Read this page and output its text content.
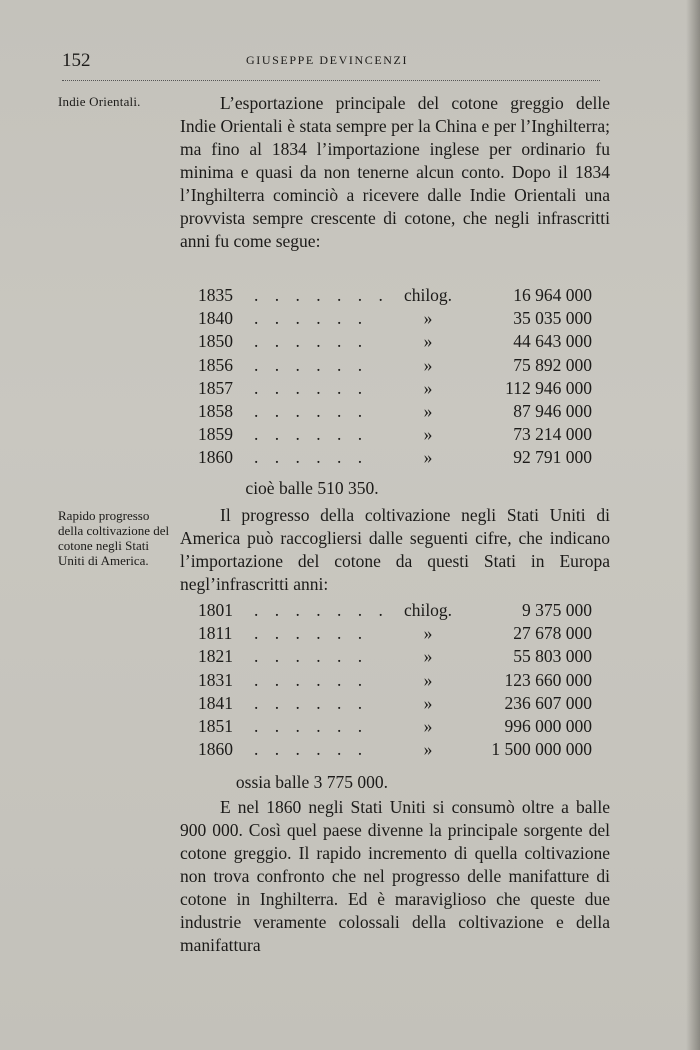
152	GIUSEPPE DEVINCENZI
Indie Orientali.
Rapido progresso della coltivazione del cotone negli Stati Uniti di America.

L’esportazione principale del cotone greggio delle Indie Orientali è stata sempre per la China e per l’Inghilterra; ma fino al 1834 l’importazione inglese per ordinario fu minima e quasi da non tenerne alcun conto. Dopo il 1834 l’Inghilterra cominciò a ricevere dalle Indie Orientali una provvista sempre crescente di cotone, che negli infrascritti anni fu come segue:

1835 . . . . . . . chilog.	16 964 000
1840 . . . . . .	»	35 035 000
1850 . . . . . .	»	44 643 000
1856 . . . . . .	»	75 892 000
1857 . . . . . .	»	112 946 000
1858 . . . . . .	»	87 946 000
1859 . . . . . .	»	73 214 000
1860 . . . . . .	»	92 791 000
cioè balle 510 350.

Il progresso della coltivazione negli Stati Uniti di America può raccogliersi dalle seguenti cifre, che indicano l’importazione del cotone da questi Stati in Europa negl’infrascritti anni:

1801 . . . . . . . chilog.	9 375 000
1811 . . . . . .	»	27 678 000
1821 . . . . . .	»	55 803 000
1831 . . . . . .	»	123 660 000
1841 . . . . . .	»	236 607 000
1851 . . . . . .	»	996 000 000
1860 . . . . . .	»	1 500 000 000
ossia balle 3 775 000.

E nel 1860 negli Stati Uniti si consumò oltre a balle 900 000. Così quel paese divenne la principale sorgente del cotone greggio. Il rapido incremento di quella coltivazione non trova confronto che nel progresso delle manifatture di cotone in Inghilterra. Ed è maraviglioso che queste due industrie veramente colossali della coltivazione e della manifattura
